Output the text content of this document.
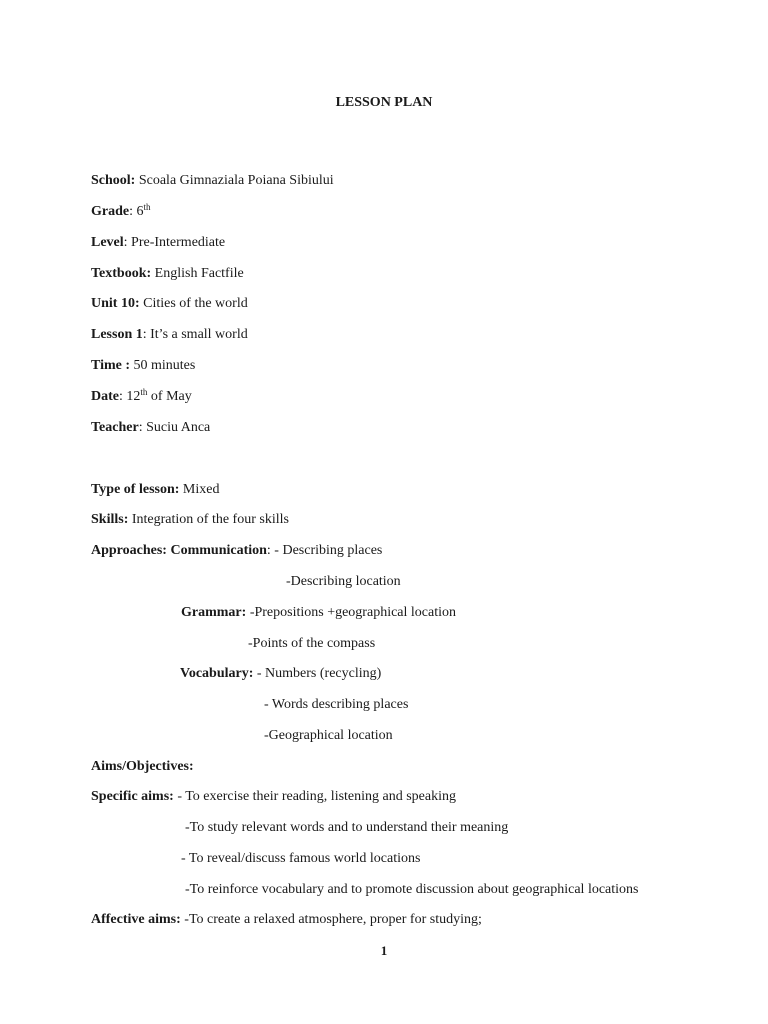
LESSON PLAN
School: Scoala Gimnaziala Poiana Sibiului
Grade: 6th
Level: Pre-Intermediate
Textbook: English Factfile
Unit 10: Cities of the world
Lesson 1: It’s a small world
Time : 50 minutes
Date: 12th of May
Teacher: Suciu Anca
Type of lesson: Mixed
Skills: Integration of the four skills
Approaches: Communication: - Describing places
-Describing location
Grammar: -Prepositions +geographical location
-Points of the compass
Vocabulary: - Numbers (recycling)
- Words describing places
-Geographical location
Aims/Objectives:
Specific aims: - To exercise their reading, listening and speaking
-To study relevant words and to understand their meaning
- To reveal/discuss famous world locations
-To reinforce vocabulary and to promote discussion about geographical locations
Affective aims: -To create a relaxed atmosphere, proper for studying;
1
